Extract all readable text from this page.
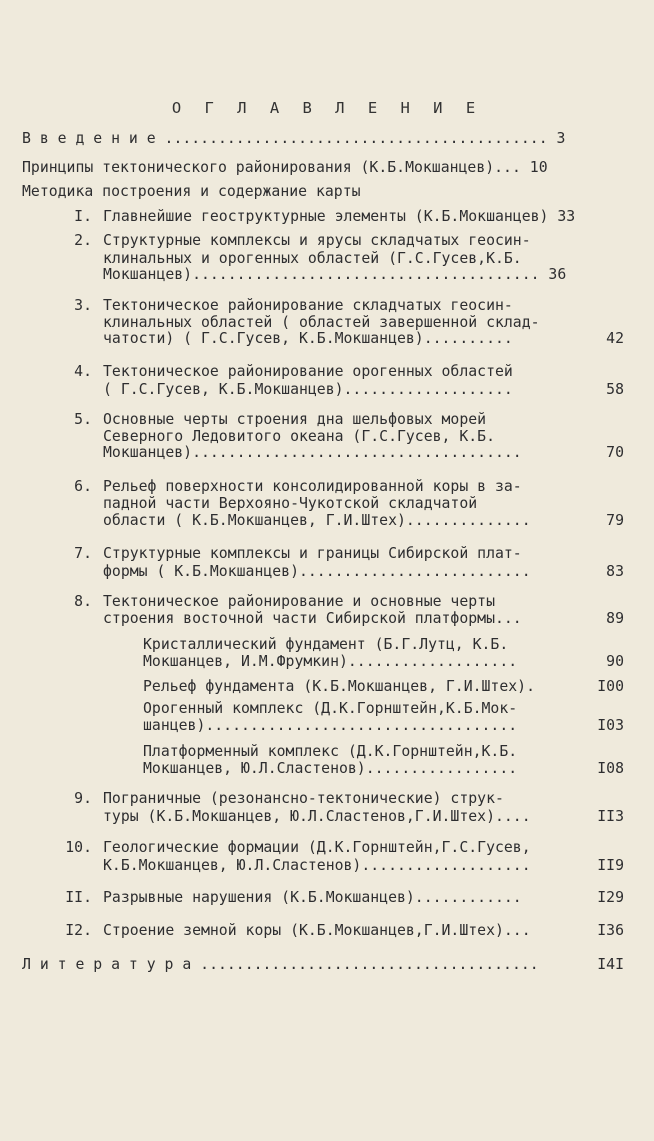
О Г Л А В Л Е Н И Е
В в е д е н и е ........................................... 3
Принципы тектонического районирования (К.Б.Мокшанцев)... 10
Методика построения и содержание карты
I. Главнейшие геоструктурные элементы (К.Б.Мокшанцев) 33
2. Структурные комплексы и ярусы складчатых геосин-
клинальных и орогенных областей (Г.С.Гусев,К.Б.
Мокшанцев)....................................... 36
3. Тектоническое районирование складчатых геосин-
клинальных областей ( областей завершенной склад-
чатости) ( Г.С.Гусев, К.Б.Мокшанцев)..........	42
4. Тектоническое районирование орогенных областей
( Г.С.Гусев, К.Б.Мокшанцев)...................	58
5. Основные черты строения дна шельфовых морей
Северного Ледовитого океана (Г.С.Гусев, К.Б.
Мокшанцев).....................................	70
6. Рельеф поверхности консолидированной коры в за-
падной части Верхояно-Чукотской складчатой
области ( К.Б.Мокшанцев, Г.И.Штех)..............	79
7. Структурные комплексы и границы Сибирской плат-
формы ( К.Б.Мокшанцев)..........................	83
8. Тектоническое районирование и основные черты
строения восточной части Сибирской платформы...	89
Кристаллический фундамент (Б.Г.Лутц, К.Б.
Мокшанцев, И.М.Фрумкин)...................	90
Рельеф фундамента (К.Б.Мокшанцев, Г.И.Штех).	I00
Орогенный комплекс (Д.К.Горнштейн,К.Б.Мок-
шанцев)...................................	I03
Платформенный комплекс (Д.К.Горнштейн,К.Б.
Мокшанцев, Ю.Л.Сластенов).................	I08
9. Пограничные (резонансно-тектонические) струк-
туры (К.Б.Мокшанцев, Ю.Л.Сластенов,Г.И.Штех)....	II3
10. Геологические формации (Д.К.Горнштейн,Г.С.Гусев,
К.Б.Мокшанцев, Ю.Л.Сластенов)...................	II9
II. Разрывные нарушения (К.Б.Мокшанцев)............	I29
I2. Строение земной коры (К.Б.Мокшанцев,Г.И.Штех)...	I36
Л и т е р а т у р а ......................................	I4I
